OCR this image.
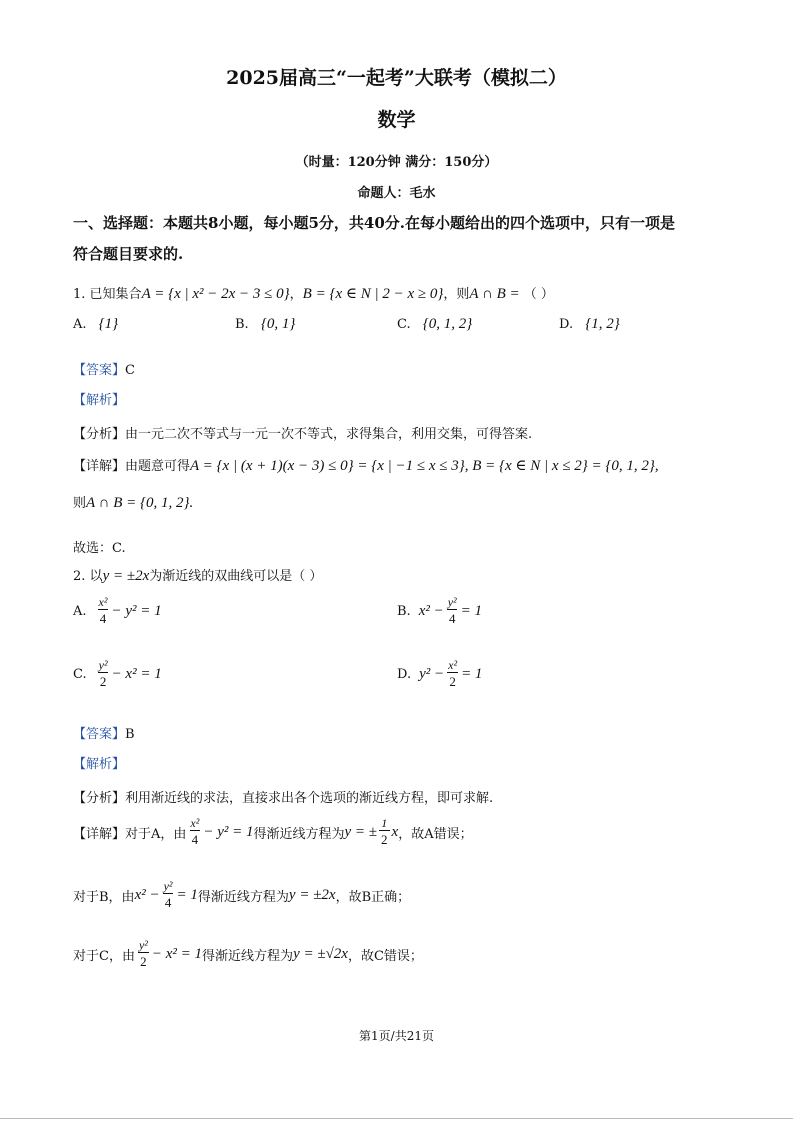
2025届高三“一起考”大联考（模拟二）
数学
（时量：120分钟 满分：150分）
命题人：毛水
一、选择题：本题共8小题，每小题5分，共40分.在每小题给出的四个选项中，只有一项是
符合题目要求的.
1. 已知集合A = {x | x² − 2x − 3 ≤ 0}，B = {x ∈ N | 2 − x ≥ 0}，则A ∩ B = （ ）
A. {1}	B. {0, 1}	C. {0, 1, 2}	D. {1, 2}
【答案】C
【解析】
【分析】由一元二次不等式与一元一次不等式，求得集合，利用交集，可得答案.
【详解】由题意可得A = {x | (x + 1)(x − 3) ≤ 0} = {x | −1 ≤ x ≤ 3}, B = {x ∈ N | x ≤ 2} = {0, 1, 2},
则A ∩ B = {0, 1, 2}.
故选：C.
2. 以y = ±2x为渐近线的双曲线可以是（ ）
A. $\frac{\text{x²}}{4} - y^2 = 1$	B. $x^2 - \frac{\text{y²}}{4} = 1$
C. $\frac{\text{y²}}{2} - x^2 = 1$	D. $y^2 - \frac{\text{x²}}{2} = 1$
【答案】B
【解析】
【分析】利用渐近线的求法，直接求出各个选项的渐近线方程，即可求解.
【详解】 对于A，由 $\frac{\text{x²}}{4} - y^2 = 1$ 得渐近线方程为 y = ± $\frac{1}{2}$ x ，故A错误；
对于B，由 $x^2 - \frac{\text{y²}}{4} = 1$ 得渐近线方程为 y = ±2x ，故B正确；
对于C，由 $\frac{\text{y²}}{2} - x^2 = 1$ 得渐近线方程为 y = ±√2x ，故C错误；
第1页/共21页
